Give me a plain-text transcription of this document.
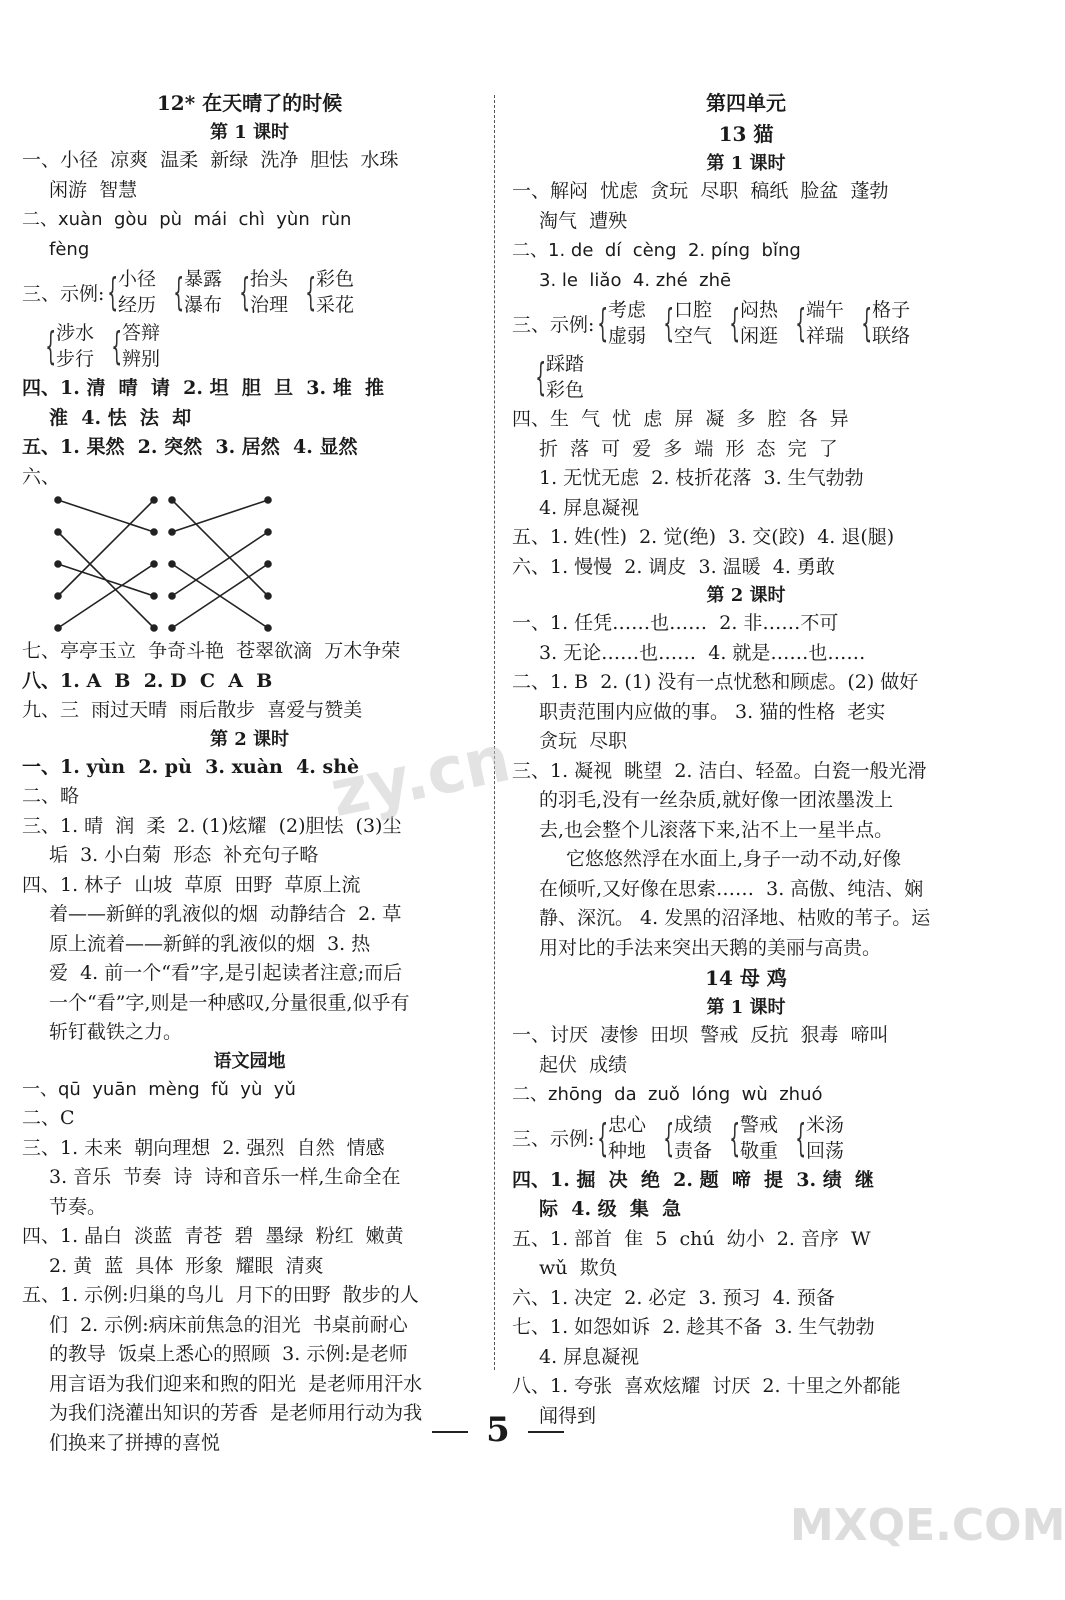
12* 在天晴了的时候
第 1 课时

一、小径  凉爽  温柔  新绿  洗净  胆怯  水珠

闲游  智慧

二、xuàn  gòu  pù  mái  chì  yùn  rùn

fèng

三、示例: { 小径
经历 { 暴露
瀑布 { 抬头
治理 { 彩色
采花
{ 涉水
步行 { 答辩
辨别

四、1. 清  晴  请  2. 坦  胆  旦  3. 堆  推

淮  4. 怯  法  却

五、1. 果然  2. 突然  3. 居然  4. 显然

六、

七、亭亭玉立  争奇斗艳  苍翠欲滴  万木争荣

八、1. A  B  2. D  C  A  B

九、三  雨过天晴  雨后散步  喜爱与赞美

第 2 课时

一、1. yùn  2. pù  3. xuàn  4. shè

二、略

三、1. 晴  润  柔  2. (1)炫耀  (2)胆怯  (3)尘

垢  3. 小白菊  形态  补充句子略

四、1. 林子  山坡  草原  田野  草原上流

着——新鲜的乳液似的烟  动静结合  2. 草

原上流着——新鲜的乳液似的烟  3. 热

爱  4. 前一个“看”字,是引起读者注意;而后

一个“看”字,则是一种感叹,分量很重,似乎有

斩钉截铁之力。

语文园地

一、qū  yuān  mèng  fǔ  yù  yǔ

二、C

三、1. 未来  朝向理想  2. 强烈  自然  情感

3. 音乐  节奏  诗  诗和音乐一样,生命全在

节奏。

四、1. 晶白  淡蓝  青苍  碧  墨绿  粉红  嫩黄

2. 黄  蓝  具体  形象  耀眼  清爽

五、1. 示例:归巢的鸟儿  月下的田野  散步的人

们  2. 示例:病床前焦急的泪光  书桌前耐心

的教导  饭桌上悉心的照顾  3. 示例:是老师

用言语为我们迎来和煦的阳光  是老师用汗水

为我们浇灌出知识的芳香  是老师用行动为我

们换来了拼搏的喜悦

第四单元
13 猫
第 1 课时

一、解闷  忧虑  贪玩  尽职  稿纸  脸盆  蓬勃

淘气  遭殃

二、1. de  dí  cèng  2. píng  bǐng

3. le  liǎo  4. zhé  zhē

三、示例: { 考虑
虚弱 { 口腔
空气 { 闷热
闲逛 { 端午
祥瑞 { 格子
联络
{ 踩踏
彩色

四、生  气  忧  虑  屏  凝  多  腔  各  异

折  落  可  爱  多  端  形  态  完  了

1. 无忧无虑  2. 枝折花落  3. 生气勃勃

4. 屏息凝视

五、1. 姓(性)  2. 觉(绝)  3. 交(跤)  4. 退(腿)

六、1. 慢慢  2. 调皮  3. 温暖  4. 勇敢

第 2 课时

一、1. 任凭……也……  2. 非……不可

3. 无论……也……  4. 就是……也……

二、1. B  2. (1) 没有一点忧愁和顾虑。(2) 做好

职责范围内应做的事。 3. 猫的性格  老实

贪玩  尽职

三、1. 凝视  眺望  2. 洁白、轻盈。白瓷一般光滑

的羽毛,没有一丝杂质,就好像一团浓墨泼上

去,也会整个儿滚落下来,沾不上一星半点。

它悠悠然浮在水面上,身子一动不动,好像

在倾听,又好像在思索……  3. 高傲、纯洁、娴

静、深沉。 4. 发黑的沼泽地、枯败的苇子。运

用对比的手法来突出天鹅的美丽与高贵。

14 母 鸡
第 1 课时

一、讨厌  凄惨  田坝  警戒  反抗  狠毒  啼叫

起伏  成绩

二、zhōng  da  zuǒ  lóng  wù  zhuó

三、示例: { 忠心
种地 { 成绩
责备 { 警戒
敬重 { 米汤
回荡

四、1. 掘  决  绝  2. 题  啼  提  3. 绩  继

际  4. 级  集  急

五、1. 部首  隹  5  chú  幼小  2. 音序  W

wǔ  欺负

六、1. 决定  2. 必定  3. 预习  4. 预备

七、1. 如怨如诉  2. 趁其不备  3. 生气勃勃

4. 屏息凝视

八、1. 夸张  喜欢炫耀  讨厌  2. 十里之外都能

闻得到

5
zy.cn
MXQE.COM
